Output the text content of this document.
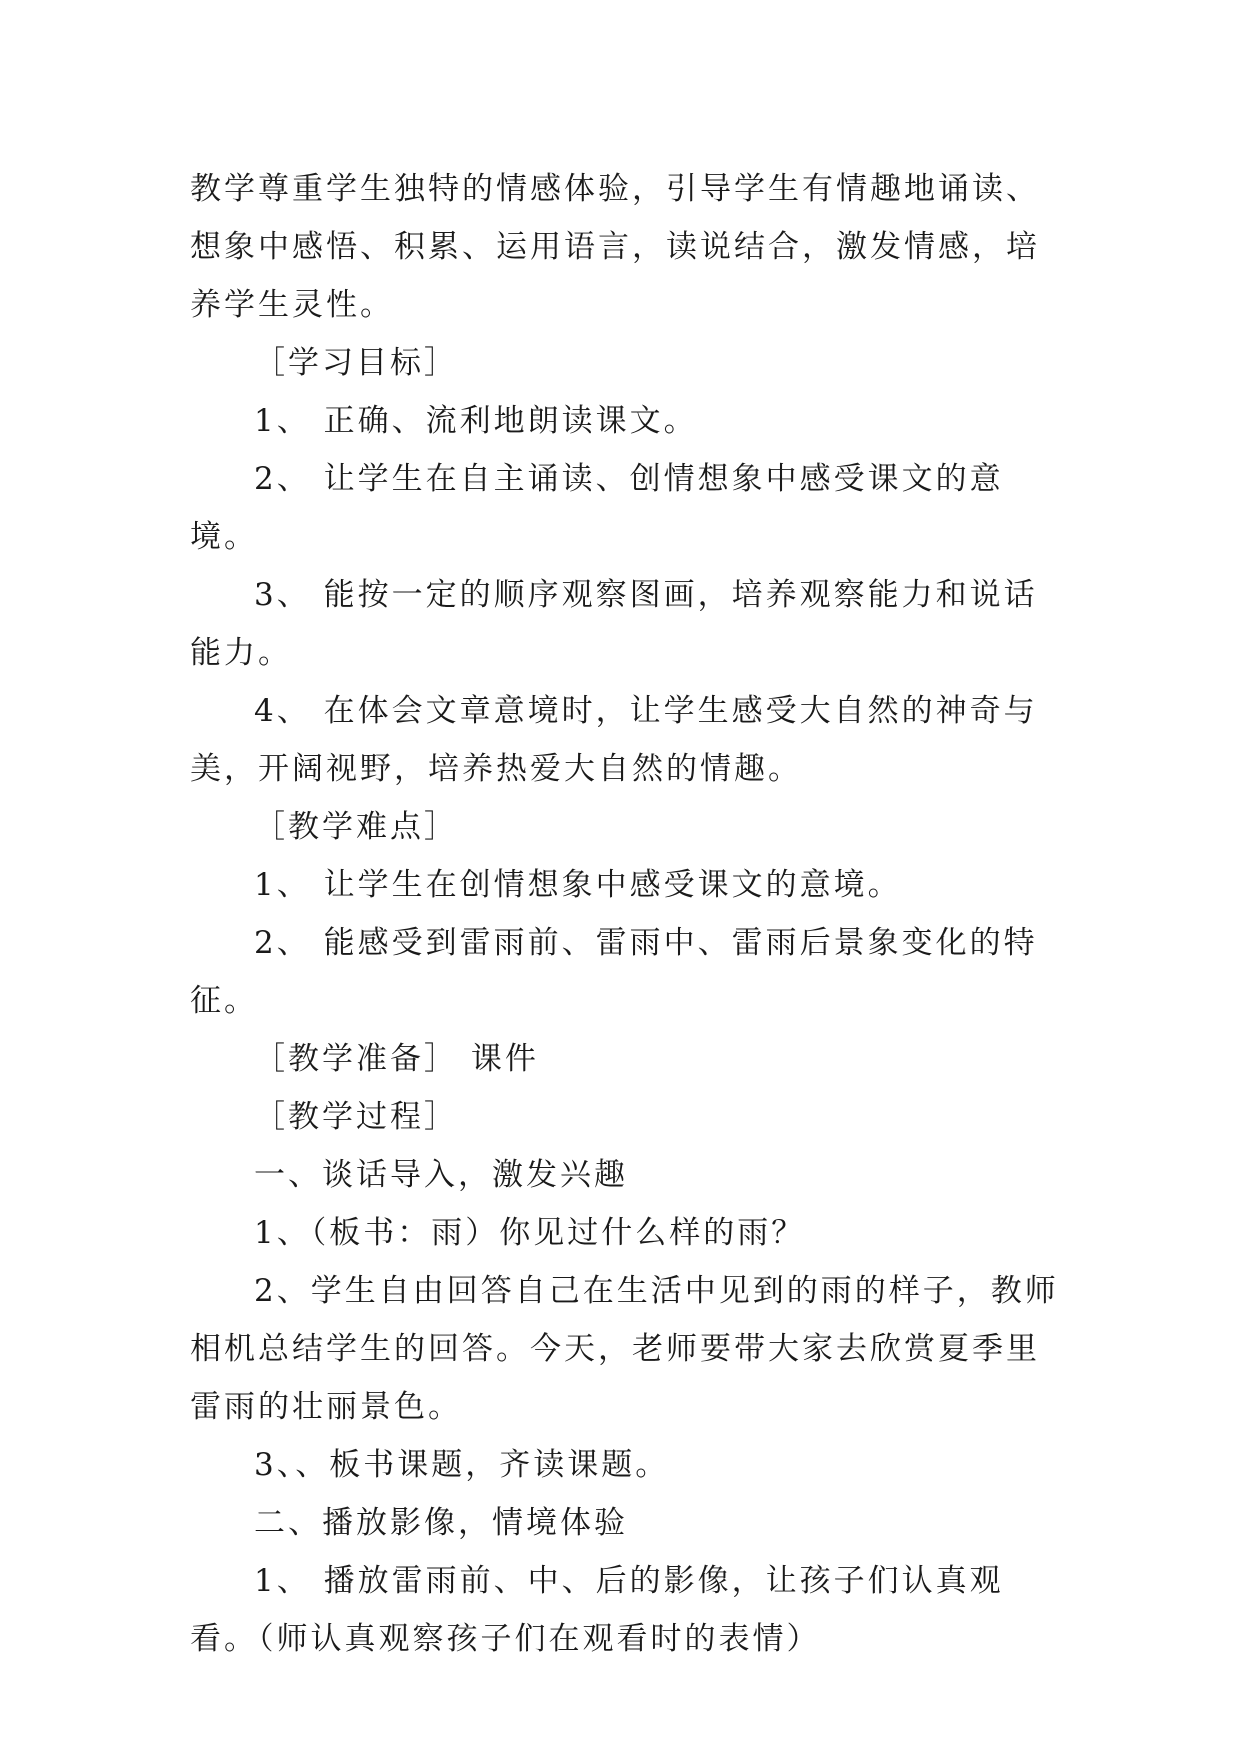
教学尊重学生独特的情感体验，引导学生有情趣地诵读、想象中感悟、积累、运用语言，读说结合，激发情感，培养学生灵性。

［学习目标］

1、 正确、流利地朗读课文。

2、 让学生在自主诵读、创情想象中感受课文的意境。

3、 能按一定的顺序观察图画，培养观察能力和说话能力。

4、 在体会文章意境时，让学生感受大自然的神奇与美，开阔视野，培养热爱大自然的情趣。

［教学难点］

1、 让学生在创情想象中感受课文的意境。

2、 能感受到雷雨前、雷雨中、雷雨后景象变化的特征。

［教学准备］ 课件

［教学过程］

一、谈话导入，激发兴趣

1、（板书：雨）你见过什么样的雨？

2、学生自由回答自己在生活中见到的雨的样子，教师相机总结学生的回答。今天，老师要带大家去欣赏夏季里雷雨的壮丽景色。

3、、板书课题，齐读课题。

二、播放影像，情境体验

1、 播放雷雨前、中、后的影像，让孩子们认真观看。（师认真观察孩子们在观看时的表情）
